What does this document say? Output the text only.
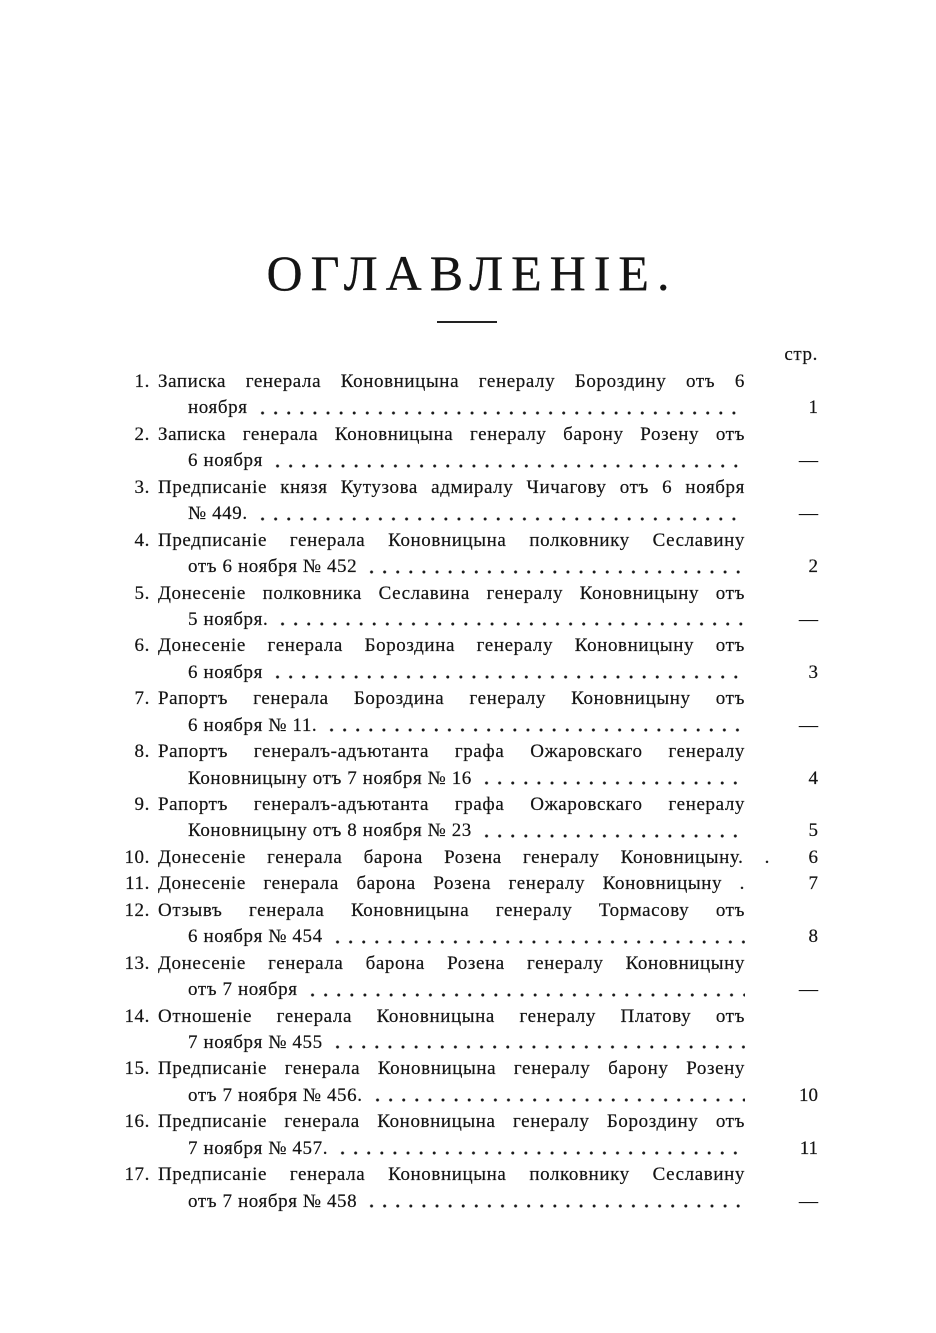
ОГЛАВЛЕНІЕ.
стр.
1. Записка генерала Коновницына генералу Бороздину отъ 6
ноября	1
2. Записка генерала Коновницына генералу барону Розену отъ
6 ноября	—
3. Предписаніе князя Кутузова адмиралу Чичагову отъ 6 ноября
№ 449.	—
4. Предписаніе генерала Коновницына полковнику Сеславину
отъ 6 ноября № 452	2
5. Донесеніе полковника Сеславина генералу Коновницыну отъ
5 ноября.	—
6. Донесеніе генерала Бороздина генералу Коновницыну отъ
6 ноября	3
7. Рапортъ генерала Бороздина генералу Коновницыну отъ
6 ноября № 11.	—
8. Рапортъ генералъ-адъютанта графа Ожаровскаго генералу
Коновницыну отъ 7 ноября № 16	4
9. Рапортъ генералъ-адъютанта графа Ожаровскаго генералу
Коновницыну отъ 8 ноября № 23	5
10. Донесеніе генерала барона Розена генералу Коновницыну. .	6
11. Донесеніе генерала барона Розена генералу Коновницыну .	7
12. Отзывъ генерала Коновницына генералу Тормасову отъ
6 ноября № 454	8
13. Донесеніе генерала барона Розена генералу Коновницыну
отъ 7 ноября	—
14. Отношеніе генерала Коновницына генералу Платову отъ
7 ноября № 455
15. Предписаніе генерала Коновницына генералу барону Розену
отъ 7 ноября № 456.	10
16. Предписаніе генерала Коновницына генералу Бороздину отъ
7 ноября № 457.	11
17. Предписаніе генерала Коновницына полковнику Сеславину
отъ 7 ноября № 458	—
